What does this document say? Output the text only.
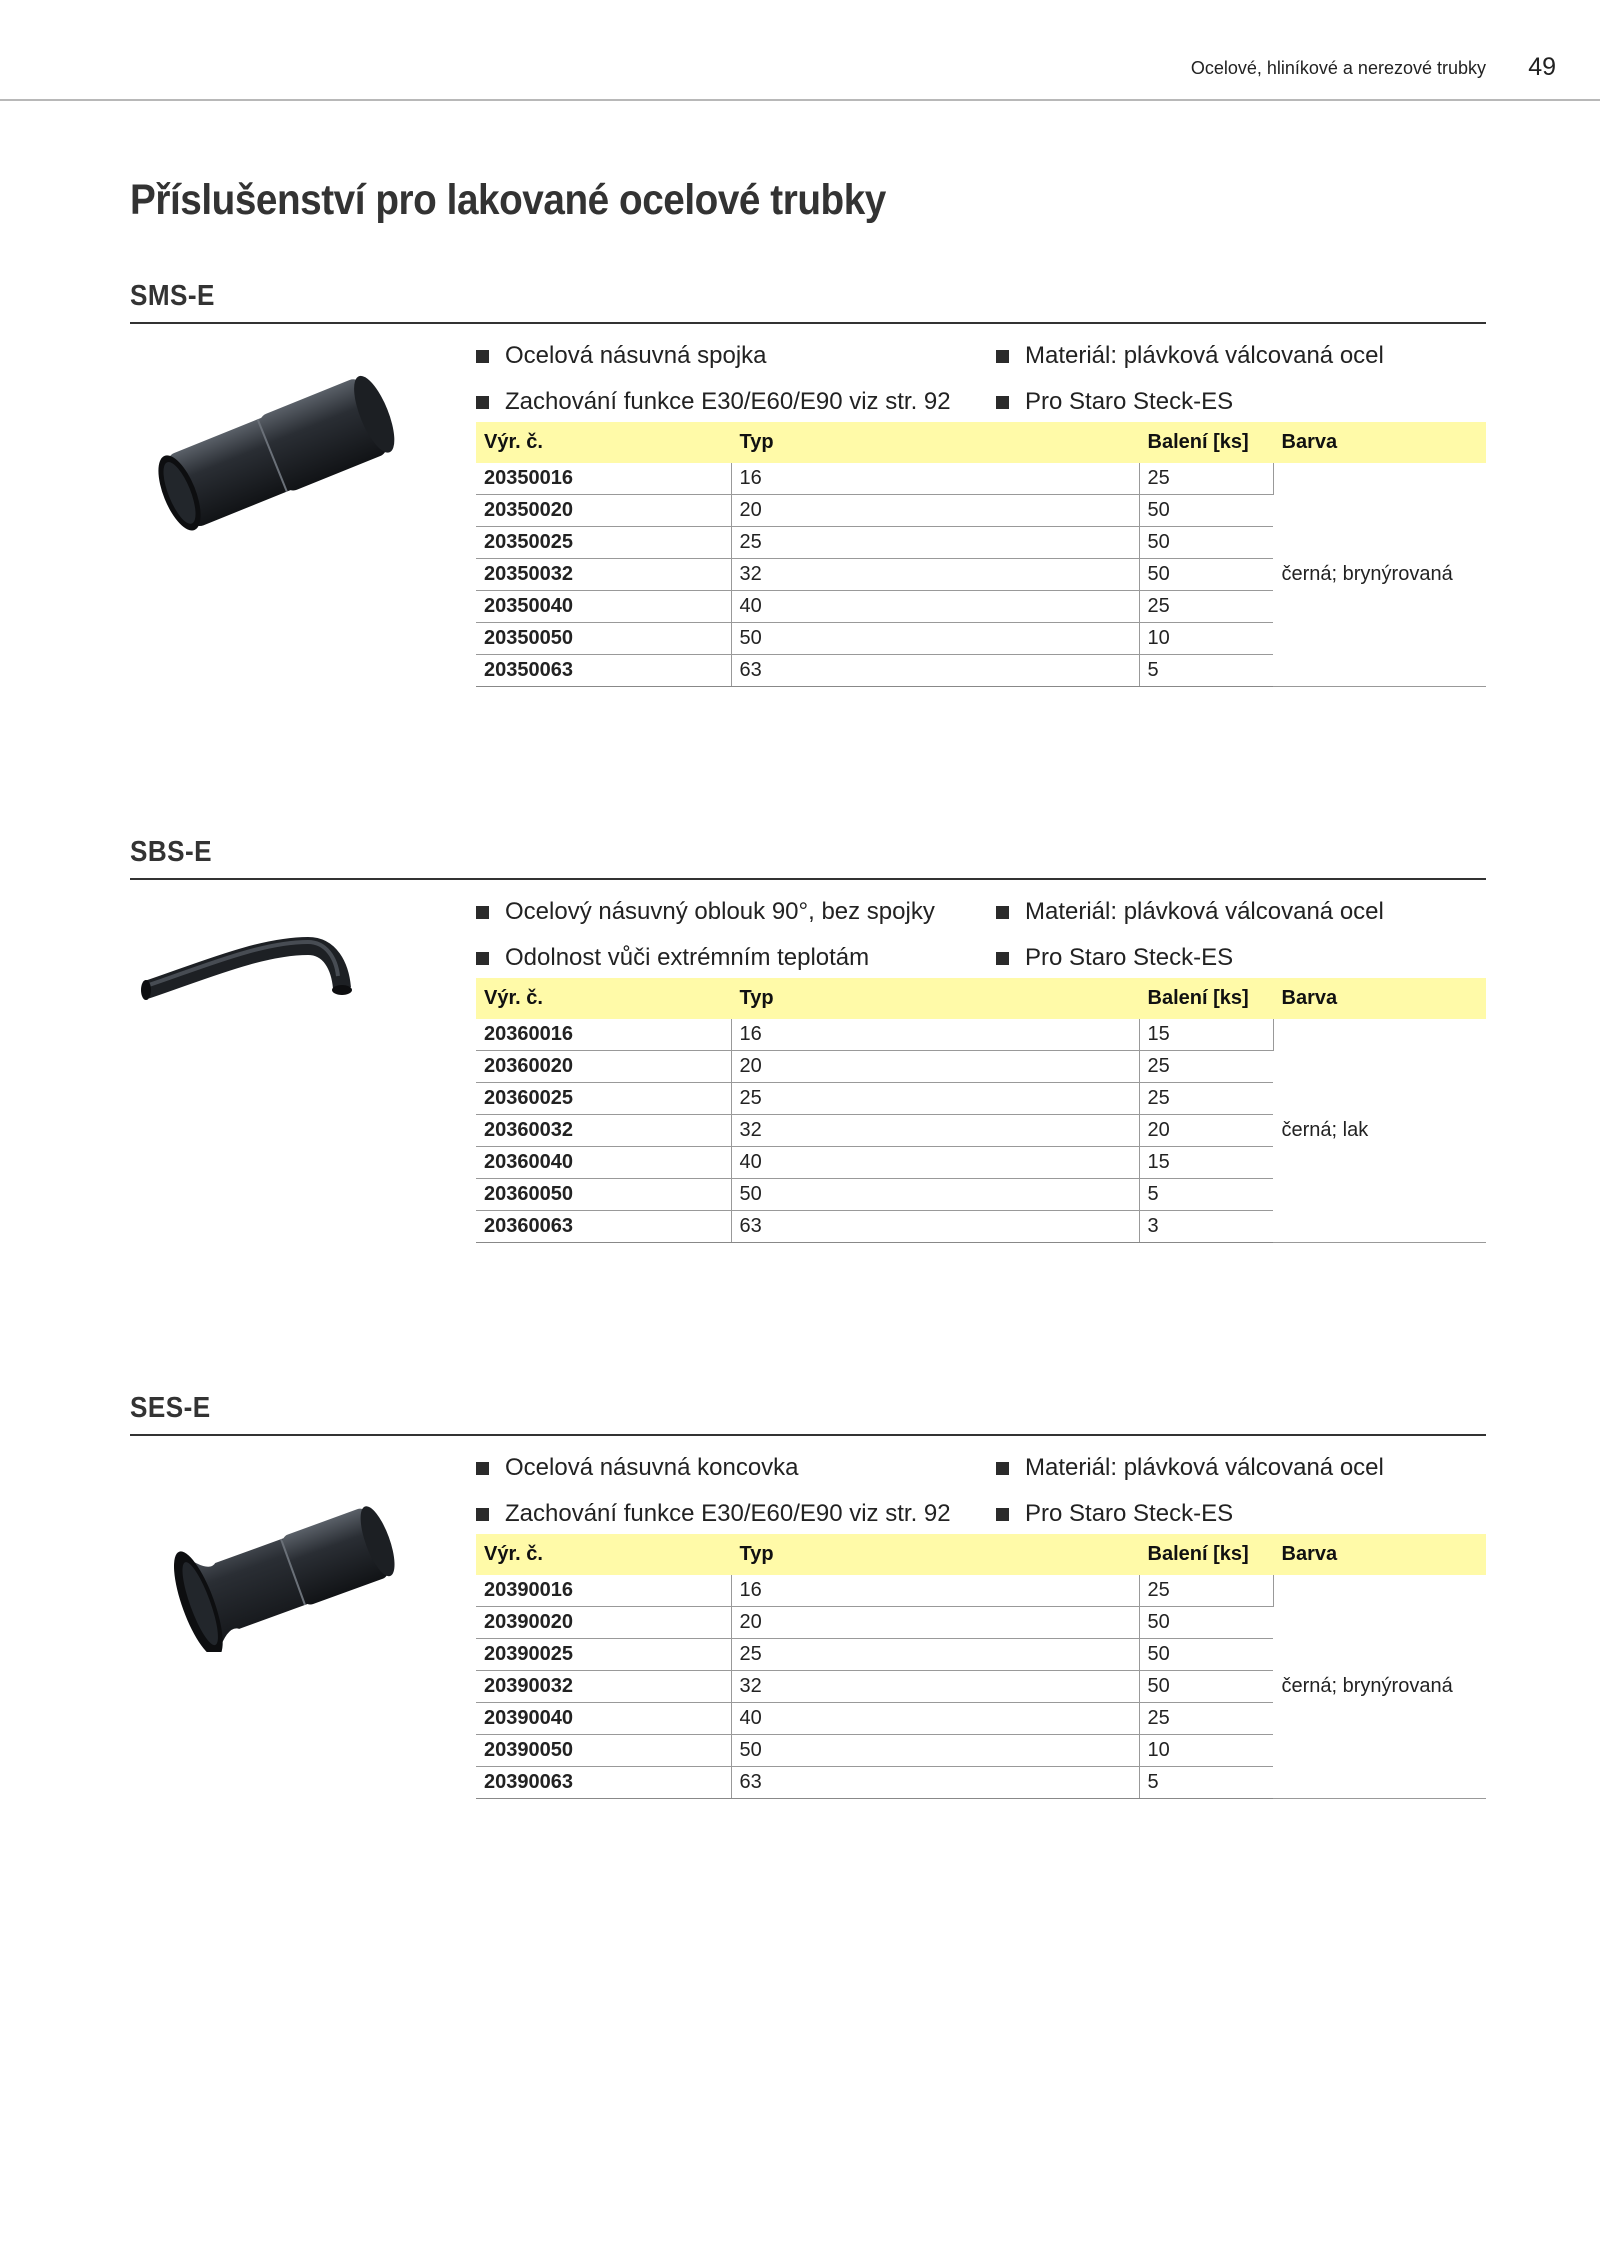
Ocelové, hliníkové a nerezové trubky 49
Příslušenství pro lakované ocelové trubky
SMS-E
Ocelová násuvná spojka	Materiál: plávková válcovaná ocel
Zachování funkce E30/E60/E90 viz str. 92	Pro Staro Steck-ES
Výr. č.	Typ	Balení [ks]	Barva
20350016	16	25	černá; brynýrovaná
20350020	20	50	
20350025	25	50	
20350032	32	50	
20350040	40	25	
20350050	50	10	
20350063	63	5	
SBS-E
Ocelový násuvný oblouk 90°, bez spojky	Materiál: plávková válcovaná ocel
Odolnost vůči extrémním teplotám	Pro Staro Steck-ES
Výr. č.	Typ	Balení [ks]	Barva
20360016	16	15	černá; lak
20360020	20	25	
20360025	25	25	
20360032	32	20	
20360040	40	15	
20360050	50	5	
20360063	63	3	
SES-E
Ocelová násuvná koncovka	Materiál: plávková válcovaná ocel
Zachování funkce E30/E60/E90 viz str. 92	Pro Staro Steck-ES
Výr. č.	Typ	Balení [ks]	Barva
20390016	16	25	černá; brynýrovaná
20390020	20	50	
20390025	25	50	
20390032	32	50	
20390040	40	25	
20390050	50	10	
20390063	63	5	
